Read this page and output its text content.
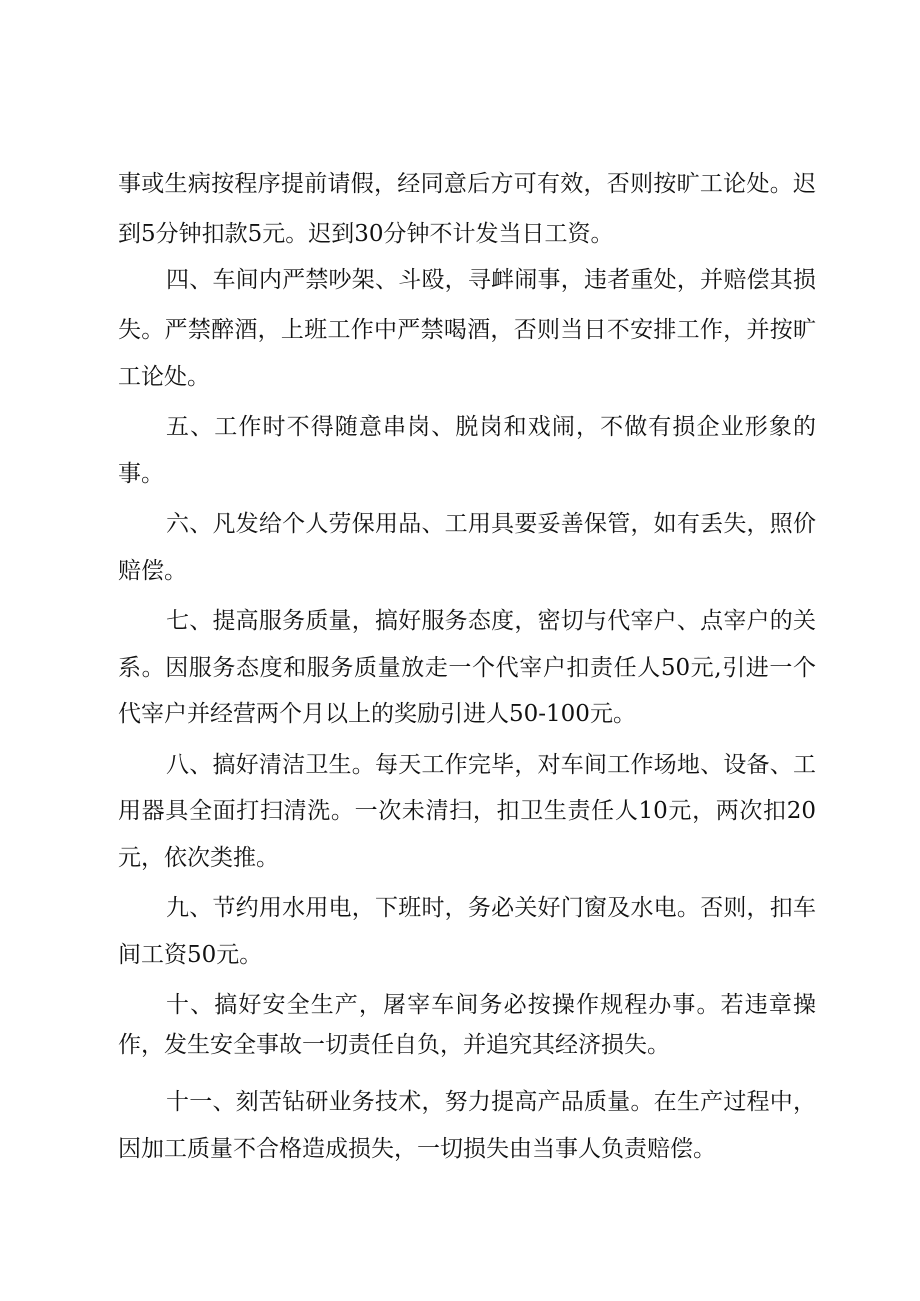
事或生病按程序提前请假，经同意后方可有效，否则按旷工论处。迟
到5分钟扣款5元。迟到30分钟不计发当日工资。
四、车间内严禁吵架、斗殴，寻衅闹事，违者重处，并赔偿其损
失。严禁醉酒，上班工作中严禁喝酒，否则当日不安排工作，并按旷
工论处。
五、工作时不得随意串岗、脱岗和戏闹，不做有损企业形象的
事。
六、凡发给个人劳保用品、工用具要妥善保管，如有丢失，照价
赔偿。
七、提高服务质量，搞好服务态度，密切与代宰户、点宰户的关
系。因服务态度和服务质量放走一个代宰户扣责任人50元,引进一个
代宰户并经营两个月以上的奖励引进人50-100元。
八、搞好清洁卫生。每天工作完毕，对车间工作场地、设备、工
用器具全面打扫清洗。一次未清扫，扣卫生责任人10元，两次扣20
元，依次类推。
九、节约用水用电，下班时，务必关好门窗及水电。否则，扣车
间工资50元。
十、搞好安全生产，屠宰车间务必按操作规程办事。若违章操
作，发生安全事故一切责任自负，并追究其经济损失。
十一、刻苦钻研业务技术，努力提高产品质量。在生产过程中，
因加工质量不合格造成损失，一切损失由当事人负责赔偿。
